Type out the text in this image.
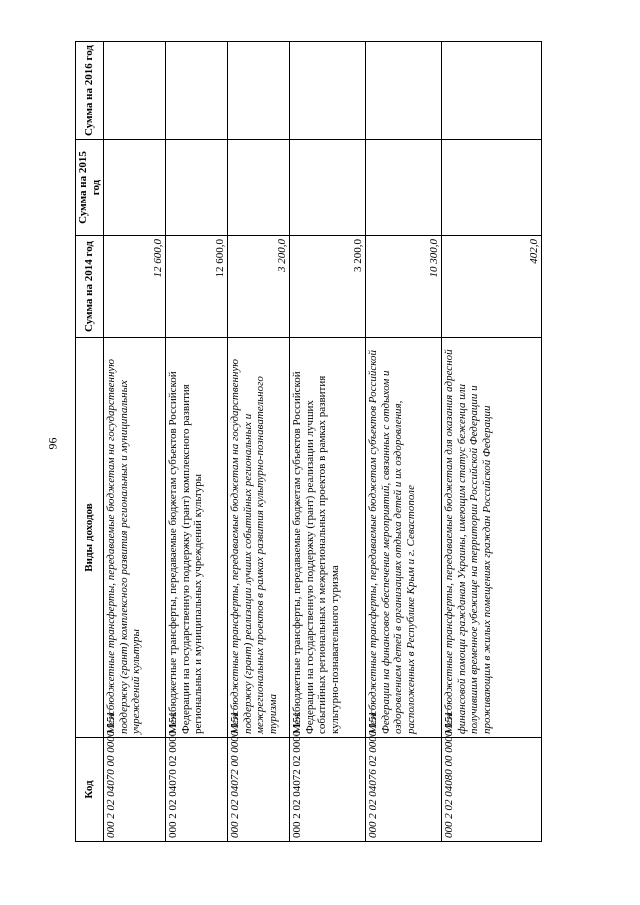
96
Код	Виды доходов	Сумма на 2014 год	Сумма на 2015 год	Сумма на 2016 год
000 2 02 04070 00 0000 151	Межбюджетные трансферты, передаваемые бюджетам на государственную поддержку (грант) комплексного развития региональных и муниципальных учреждений культуры	12 600,0		
000 2 02 04070 02 0000 151	Межбюджетные трансферты, передаваемые бюджетам субъектов Российской Федерации на государственную поддержку (грант) комплексного развития региональных и муниципальных учреждений культуры	12 600,0		
000 2 02 04072 00 0000 151	Межбюджетные трансферты, передаваемые бюджетам на государственную поддержку (грант) реализации лучших событийных региональных и межрегиональных проектов в рамках развития культурно-познавательного туризма	3 200,0		
000 2 02 04072 02 0000 151	Межбюджетные трансферты, передаваемые бюджетам субъектов Российской Федерации на государственную поддержку (грант) реализации лучших событийных региональных и межрегиональных проектов в рамках развития культурно-познавательного туризма	3 200,0		
000 2 02 04076 02 0000 151	Межбюджетные трансферты, передаваемые бюджетам субъектов Российской Федерации на финансовое обеспечение мероприятий, связанных с отдыхом и оздоровлением детей в организациях отдыха детей и их оздоровления, расположенных в Республике Крым и г. Севастополе	10 300,0		
000 2 02 04080 00 0000 151	Межбюджетные трансферты, передаваемые бюджетам для оказания адресной финансовой помощи гражданам Украины, имеющим статус беженца или получившим временное убежище на территории Российской Федерации и проживающим в жилых помещениях граждан Российской Федерации	402,0		
